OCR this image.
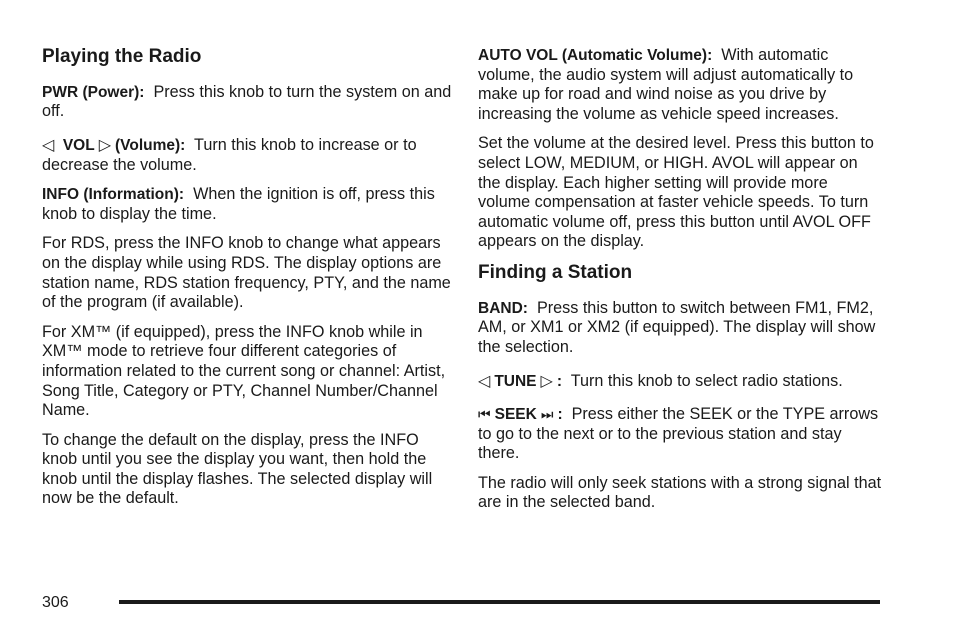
Playing the Radio

PWR (Power): Press this knob to turn the system on and off.

◁ VOL ▷ (Volume): Turn this knob to increase or to decrease the volume.

INFO (Information): When the ignition is off, press this knob to display the time.

For RDS, press the INFO knob to change what appears on the display while using RDS. The display options are station name, RDS station frequency, PTY, and the name of the program (if available).

For XM™ (if equipped), press the INFO knob while in XM™ mode to retrieve four different categories of information related to the current song or channel: Artist, Song Title, Category or PTY, Channel Number/Channel Name.

To change the default on the display, press the INFO knob until you see the display you want, then hold the knob until the display flashes. The selected display will now be the default.

AUTO VOL (Automatic Volume): With automatic volume, the audio system will adjust automatically to make up for road and wind noise as you drive by increasing the volume as vehicle speed increases.

Set the volume at the desired level. Press this button to select LOW, MEDIUM, or HIGH. AVOL will appear on the display. Each higher setting will provide more volume compensation at faster vehicle speeds. To turn automatic volume off, press this button until AVOL OFF appears on the display.

Finding a Station

BAND: Press this button to switch between FM1, FM2, AM, or XM1 or XM2 (if equipped). The display will show the selection.

◁ TUNE ▷ : Turn this knob to select radio stations.

⏮ SEEK ⏭ : Press either the SEEK or the TYPE arrows to go to the next or to the previous station and stay there.

The radio will only seek stations with a strong signal that are in the selected band.

306
